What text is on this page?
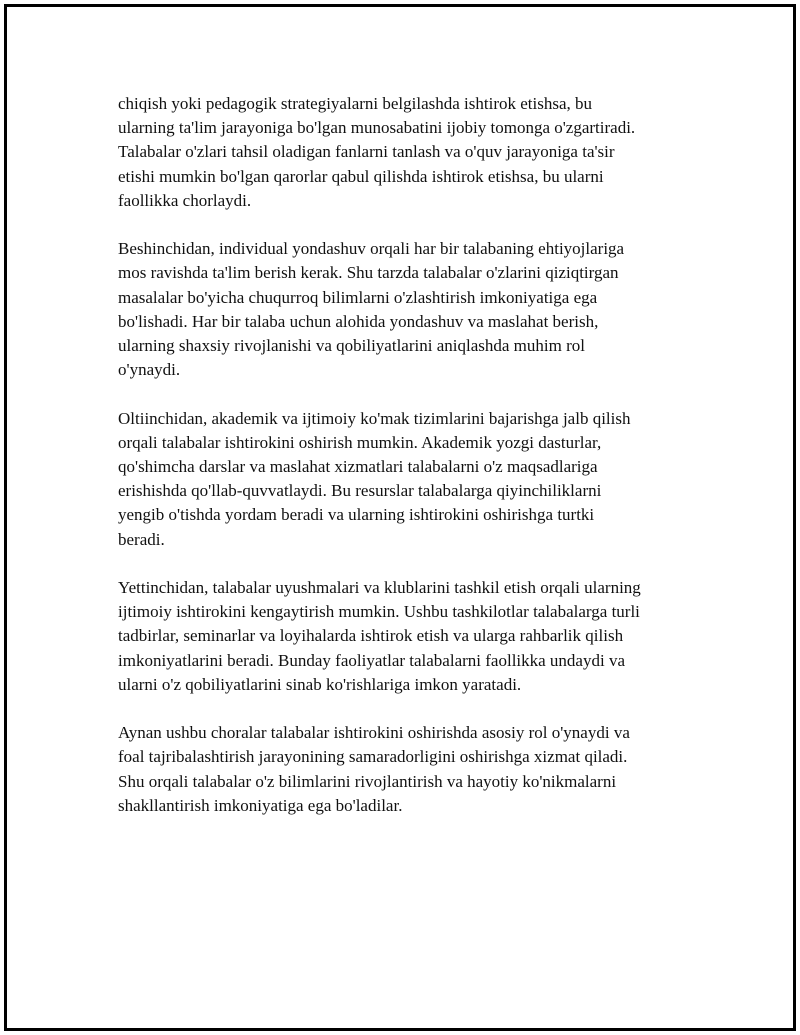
chiqish yoki pedagogik strategiyalarni belgilashda ishtirok etishsa, bu
ularning ta'lim jarayoniga bo'lgan munosabatini ijobiy tomonga o'zgartiradi.
Talabalar o'zlari tahsil oladigan fanlarni tanlash va o'quv jarayoniga ta'sir
etishi mumkin bo'lgan qarorlar qabul qilishda ishtirok etishsa, bu ularni
faollikka chorlaydi.

Beshinchidan, individual yondashuv orqali har bir talabaning ehtiyojlariga
mos ravishda ta'lim berish kerak. Shu tarzda talabalar o'zlarini qiziqtirgan
masalalar bo'yicha chuqurroq bilimlarni o'zlashtirish imkoniyatiga ega
bo'lishadi. Har bir talaba uchun alohida yondashuv va maslahat berish,
ularning shaxsiy rivojlanishi va qobiliyatlarini aniqlashda muhim rol
o'ynaydi.

Oltiinchidan, akademik va ijtimoiy ko'mak tizimlarini bajarishga jalb qilish
orqali talabalar ishtirokini oshirish mumkin. Akademik yozgi dasturlar,
qo'shimcha darslar va maslahat xizmatlari talabalarni o'z maqsadlariga
erishishda qo'llab-quvvatlaydi. Bu resurslar talabalarga qiyinchiliklarni
yengib o'tishda yordam beradi va ularning ishtirokini oshirishga turtki
beradi.

Yettinchidan, talabalar uyushmalari va klublarini tashkil etish orqali ularning
ijtimoiy ishtirokini kengaytirish mumkin. Ushbu tashkilotlar talabalarga turli
tadbirlar, seminarlar va loyihalarda ishtirok etish va ularga rahbarlik qilish
imkoniyatlarini beradi. Bunday faoliyatlar talabalarni faollikka undaydi va
ularni o'z qobiliyatlarini sinab ko'rishlariga imkon yaratadi.

Aynan ushbu choralar talabalar ishtirokini oshirishda asosiy rol o'ynaydi va
foal tajribalashtirish jarayonining samaradorligini oshirishga xizmat qiladi.
Shu orqali talabalar o'z bilimlarini rivojlantirish va hayotiy ko'nikmalarni
shakllantirish imkoniyatiga ega bo'ladilar.
